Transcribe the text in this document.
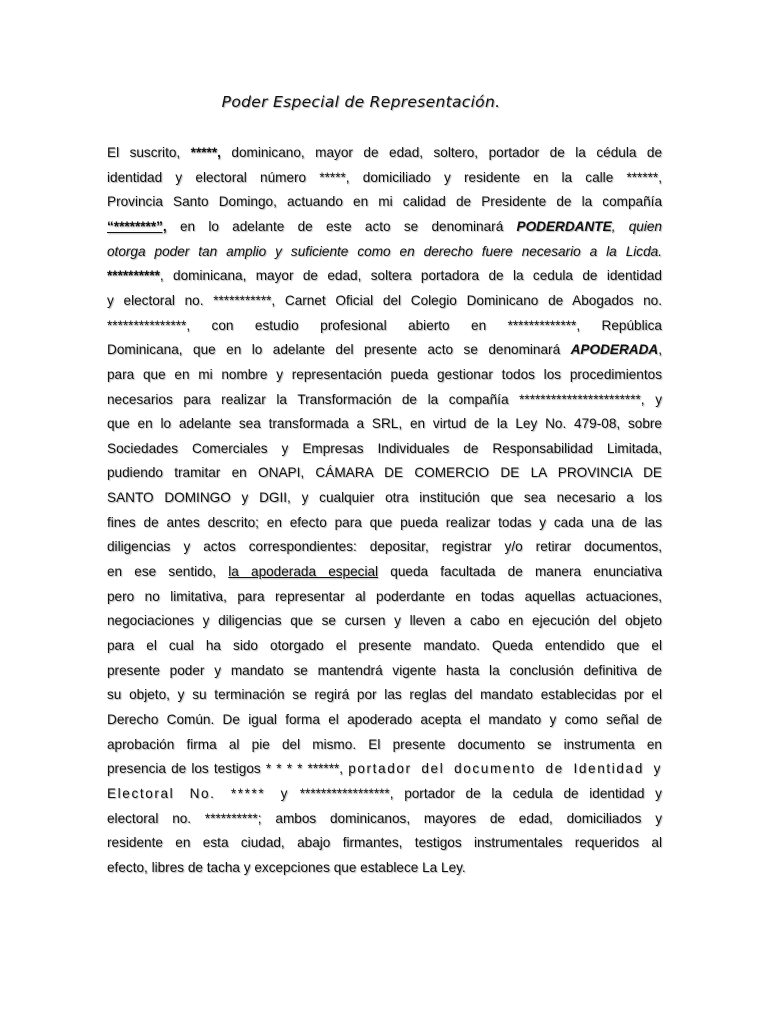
Poder Especial de Representación.
El suscrito, *****, dominicano, mayor de edad, soltero, portador de la cédula de
identidad y electoral número *****, domiciliado y residente en la calle ******,
Provincia Santo Domingo, actuando en mi calidad de Presidente de la compañía
“********”, en lo adelante de este acto se denominará PODERDANTE, quien
otorga poder tan amplio y suficiente como en derecho fuere necesario a la Licda.
**********, dominicana, mayor de edad, soltera portadora de la cedula de identidad
y electoral no. ***********, Carnet Oficial del Colegio Dominicano de Abogados no.
***************, con estudio profesional abierto en *************, República
Dominicana, que en lo adelante del presente acto se denominará APODERADA,
para que en mi nombre y representación pueda gestionar todos los procedimientos
necesarios para realizar la Transformación de la compañía ***********************, y
que en lo adelante sea transformada a SRL, en virtud de la Ley No. 479-08, sobre
Sociedades Comerciales y Empresas Individuales de Responsabilidad Limitada,
pudiendo tramitar en ONAPI, CÁMARA DE COMERCIO DE LA PROVINCIA DE
SANTO DOMINGO y DGII, y cualquier otra institución que sea necesario a los
fines de antes descrito; en efecto para que pueda realizar todas y cada una de las
diligencias y actos correspondientes: depositar, registrar y/o retirar documentos,
en ese sentido, la apoderada especial queda facultada de manera enunciativa
pero no limitativa, para representar al poderdante en todas aquellas actuaciones,
negociaciones y diligencias que se cursen y lleven a cabo en ejecución del objeto
para el cual ha sido otorgado el presente mandato. Queda entendido que el
presente poder y mandato se mantendrá vigente hasta la conclusión definitiva de
su objeto, y su terminación se regirá por las reglas del mandato establecidas por el
Derecho Común. De igual forma el apoderado acepta el mandato y como señal de
aprobación firma al pie del mismo. El presente documento se instrumenta en
presencia de los testigos * * * * ******, portador del documento de Identidad y
Electoral No. ***** y *****************, portador de la cedula de identidad y
electoral no. **********; ambos dominicanos, mayores de edad, domiciliados y
residente en esta ciudad, abajo firmantes, testigos instrumentales requeridos al
efecto, libres de tacha y excepciones que establece La Ley.
